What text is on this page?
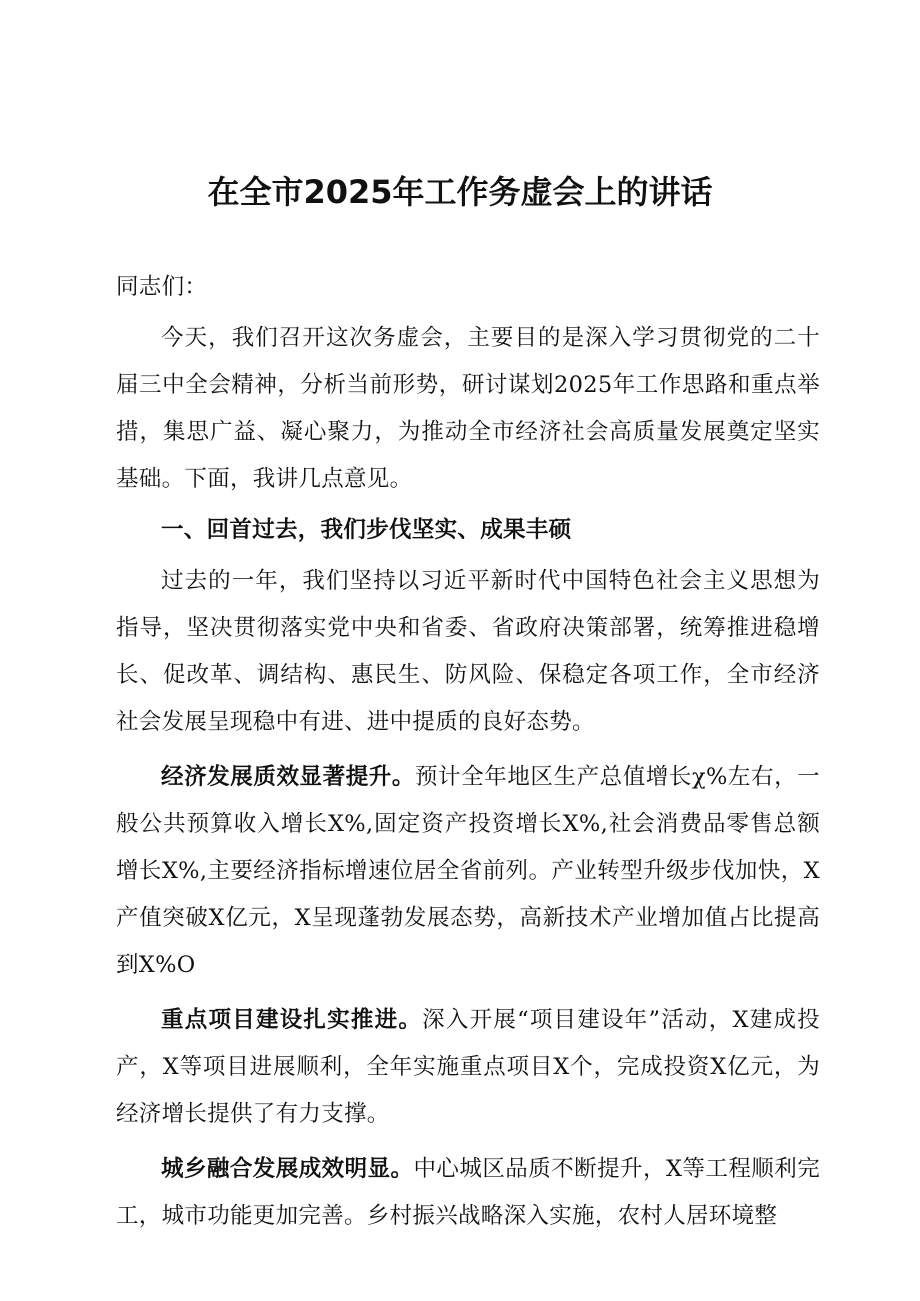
在全市2025年工作务虚会上的讲话

同志们：

今天，我们召开这次务虚会，主要目的是深入学习贯彻党的二十届三中全会精神，分析当前形势，研讨谋划2025年工作思路和重点举措，集思广益、凝心聚力，为推动全市经济社会高质量发展奠定坚实基础。下面，我讲几点意见。

一、回首过去，我们步伐坚实、成果丰硕

过去的一年，我们坚持以习近平新时代中国特色社会主义思想为指导，坚决贯彻落实党中央和省委、省政府决策部署，统筹推进稳增长、促改革、调结构、惠民生、防风险、保稳定各项工作，全市经济社会发展呈现稳中有进、进中提质的良好态势。

经济发展质效显著提升。预计全年地区生产总值增长χ%左右，一般公共预算收入增长X%,固定资产投资增长X%,社会消费品零售总额增长X%,主要经济指标增速位居全省前列。产业转型升级步伐加快，X产值突破X亿元，X呈现蓬勃发展态势，高新技术产业增加值占比提高到X%O

重点项目建设扎实推进。深入开展“项目建设年”活动，X建成投产，X等项目进展顺利，全年实施重点项目X个，完成投资X亿元，为经济增长提供了有力支撑。

城乡融合发展成效明显。中心城区品质不断提升，X等工程顺利完工，城市功能更加完善。乡村振兴战略深入实施，农村人居环境整
